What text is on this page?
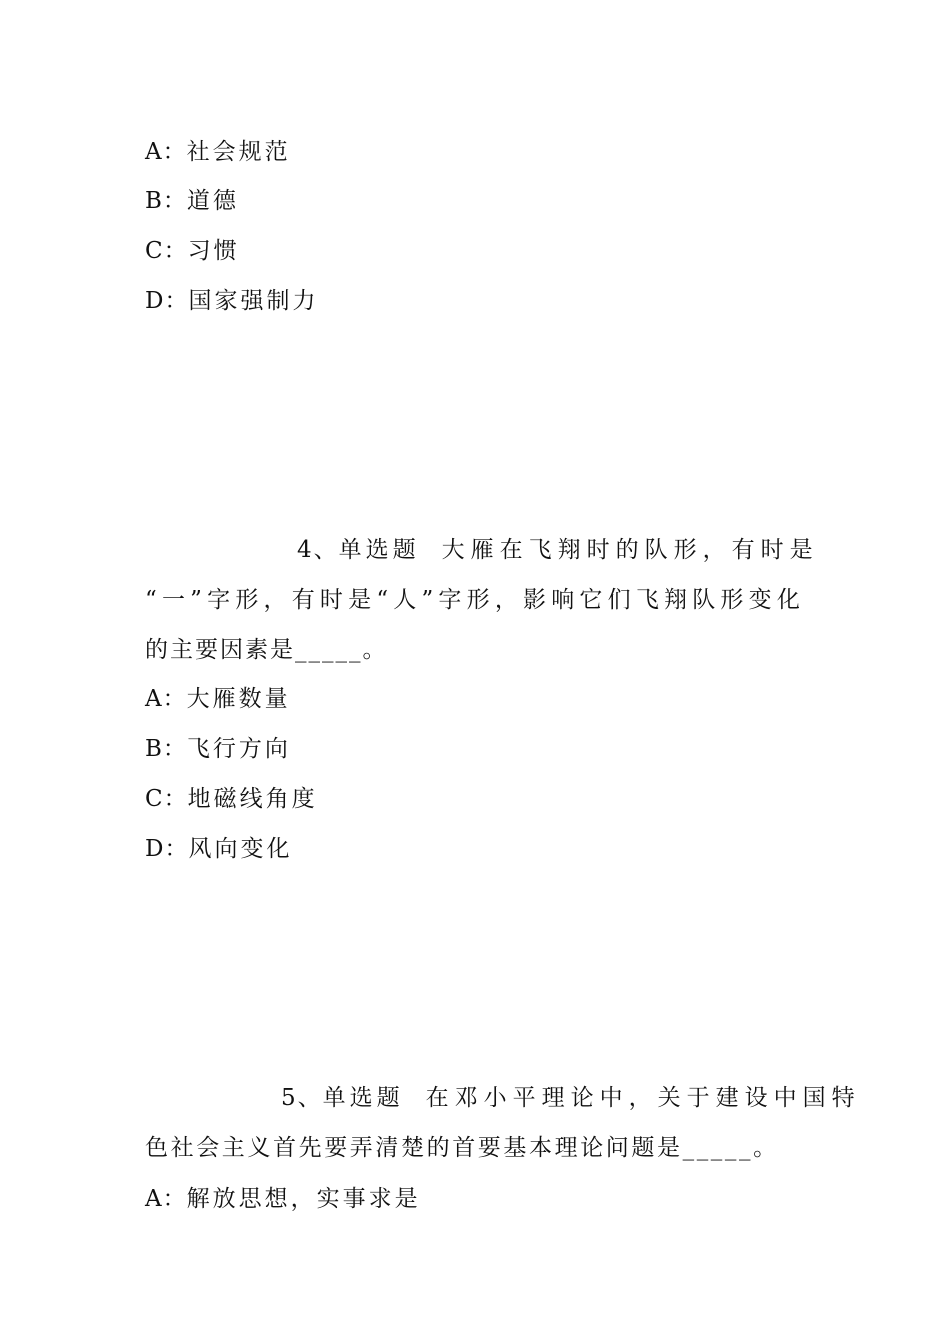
A：社会规范
B：道德
C：习惯
D：国家强制力
4、单选题 大雁在飞翔时的队形，有时是
“一”字形，有时是“人”字形，影响它们飞翔队形变化
的主要因素是_____。
A：大雁数量
B：飞行方向
C：地磁线角度
D：风向变化
5、单选题 在邓小平理论中，关于建设中国特
色社会主义首先要弄清楚的首要基本理论问题是_____。
A：解放思想，实事求是
